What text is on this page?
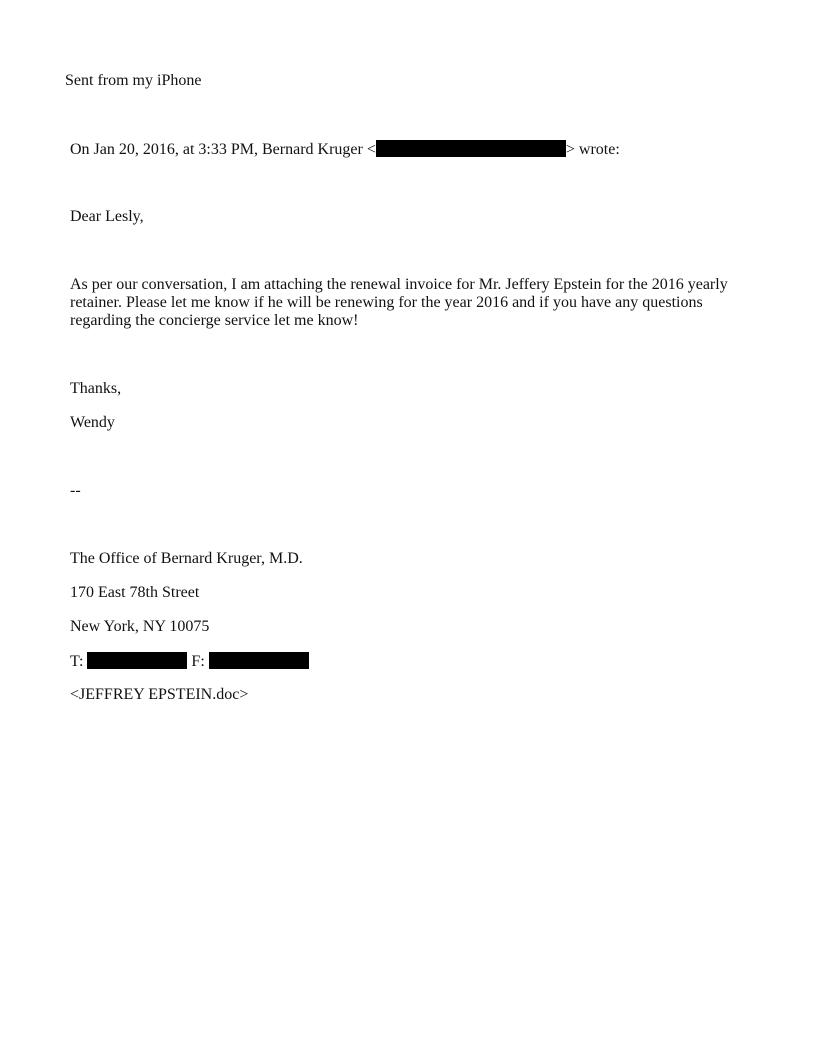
Sent from my iPhone
On Jan 20, 2016, at 3:33 PM, Bernard Kruger <	> wrote:
Dear Lesly,
As per our conversation, I am attaching the renewal invoice for Mr. Jeffery Epstein for the 2016 yearly retainer. Please let me know if he will be renewing for the year 2016 and if you have any questions regarding the concierge service let me know!
Thanks,
Wendy
--
The Office of Bernard Kruger, M.D.
170 East 78th Street
New York, NY 10075
T:	F:
<JEFFREY EPSTEIN.doc>
